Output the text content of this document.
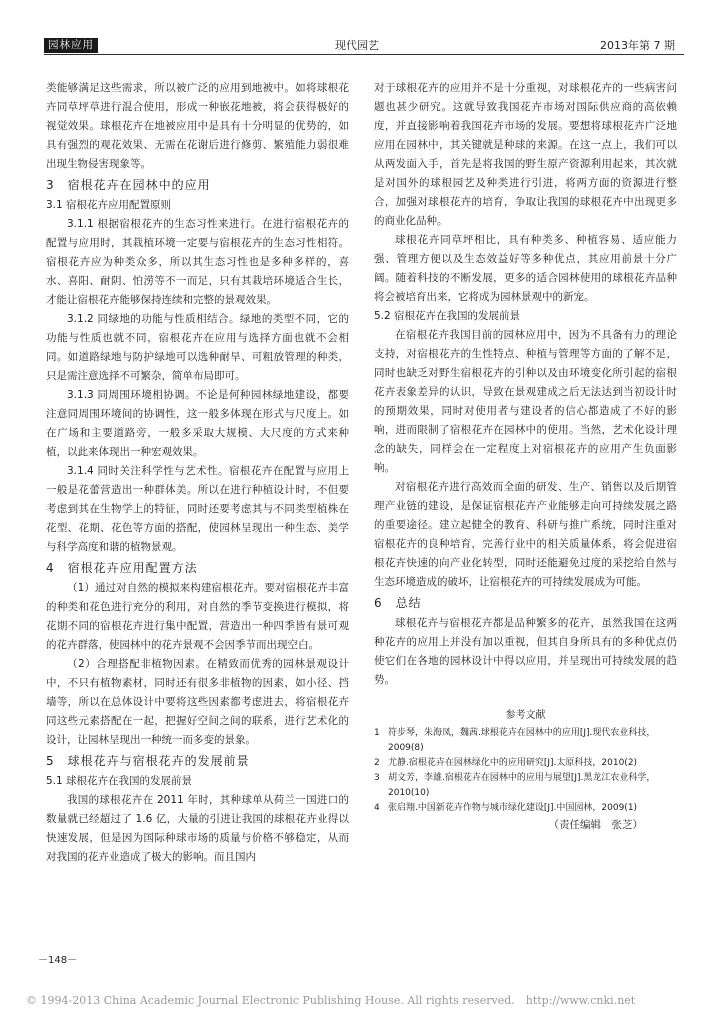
园林应用	现代园艺	2013年第 7 期

类能够满足这些需求，所以被广泛的应用到地被中。如将球根花卉同草坪草进行混合使用，形成一种嵌花地被，将会获得极好的视觉效果。球根花卉在地被应用中是具有十分明显的优势的，如具有强烈的观花效果、无需在花谢后进行修剪、繁殖能力弱很难出现生物侵害现象等。

3　宿根花卉在园林中的应用
3.1 宿根花卉应用配置原则

3.1.1 根据宿根花卉的生态习性来进行。在进行宿根花卉的配置与应用时，其栽植环境一定要与宿根花卉的生态习性相符。宿根花卉应为种类众多，所以其生态习性也是多种多样的，喜水、喜阳、耐阴、怕涝等不一而足，只有其栽培环境适合生长，才能让宿根花卉能够保持连续和完整的景观效果。

3.1.2 同绿地的功能与性质相结合。绿地的类型不同，它的功能与性质也就不同，宿根花卉在应用与选择方面也就不会相同。如道路绿地与防护绿地可以选种耐旱、可粗放管理的种类，只是需注意选择不可繁杂，简单布局即可。

3.1.3 同周围环境相协调。不论是何种园林绿地建设，都要注意同周围环境间的协调性，这一般多体现在形式与尺度上。如在广场和主要道路旁，一般多采取大规模、大尺度的方式来种植，以此来体现出一种宏观效果。

3.1.4 同时关注科学性与艺术性。宿根花卉在配置与应用上一般是花蕾营造出一种群体美。所以在进行种植设计时，不但要考虑到其在生物学上的特征，同时还要考虑其与不同类型植株在花型、花期、花色等方面的搭配，使园林呈现出一种生态、美学与科学高度和谐的植物景观。

4　宿根花卉应用配置方法

（1）通过对自然的模拟来构建宿根花卉。要对宿根花卉丰富的种类和花色进行充分的利用，对自然的季节变换进行模拟，将花期不同的宿根花卉进行集中配置，营造出一种四季皆有景可观的花卉群落，使园林中的花卉景观不会因季节而出现空白。

（2）合理搭配非植物因素。在精致而优秀的园林景观设计中，不只有植物素材，同时还有很多非植物的因素，如小径、挡墙等，所以在总体设计中要将这些因素都考虑进去，将宿根花卉同这些元素搭配在一起，把握好空间之间的联系，进行艺术化的设计，让园林呈现出一种统一而多变的景象。

5　球根花卉与宿根花卉的发展前景
5.1 球根花卉在我国的发展前景

我国的球根花卉在 2011 年时，其种球单从荷兰一国进口的数量就已经超过了 1.6 亿，大量的引进让我国的球根花卉业得以快速发展，但是因为国际种球市场的质量与价格不够稳定，从而对我国的花卉业造成了极大的影响。而且国内

对于球根花卉的应用并不是十分重视，对球根花卉的一些病害问题也甚少研究。这就导致我国花卉市场对国际供应商的高依赖度，并直接影响着我国花卉市场的发展。要想将球根花卉广泛地应用在园林中，其关键就是种球的来源。在这一点上，我们可以从两发面入手，首先是将我国的野生原产资源利用起来，其次就是对国外的球根园艺及种类进行引进，将两方面的资源进行整合，加强对球根花卉的培育，争取让我国的球根花卉中出现更多的商业化品种。

球根花卉同草坪相比，具有种类多、种植容易、适应能力强、管理方便以及生态效益好等多种优点，其应用前景十分广阔。随着科技的不断发展，更多的适合园林使用的球根花卉品种将会被培育出来，它将成为园林景观中的新宠。

5.2 宿根花卉在我国的发展前景

在宿根花卉我国目前的园林应用中，因为不具备有力的理论支持，对宿根花卉的生性特点、种植与管理等方面的了解不足，同时也缺乏对野生宿根花卉的引种以及由环境变化所引起的宿根花卉表象差异的认识，导致在景观建成之后无法达到当初设计时的预期效果，同时对使用者与建设者的信心都造成了不好的影响，进而限制了宿根花卉在园林中的使用。当然，艺术化设计理念的缺失，同样会在一定程度上对宿根花卉的应用产生负面影响。

对宿根花卉进行高效而全面的研发、生产、销售以及后期管理产业链的建设，是保证宿根花卉产业能够走向可持续发展之路的重要途径。建立起健全的教育、科研与推广系统，同时注重对宿根花卉的良种培育，完善行业中的相关质量体系，将会促进宿根花卉快速的向产业化转型，同时还能避免过度的采挖给自然与生态环境造成的破坏，让宿根花卉的可持续发展成为可能。

6　总结

球根花卉与宿根花卉都是品种繁多的花卉，虽然我国在这两种花卉的应用上并没有加以重视，但其自身所具有的多种优点仍使它们在各地的园林设计中得以应用，并呈现出可持续发展的趋势。

参考文献
1 符步琴，朱海凤，魏茜.球根花卉在园林中的应用[J].现代农业科技，2009(8)
2 尤静.宿根花卉在园林绿化中的应用研究[J].太原科技，2010(2)
3 胡文芳，李雄.宿根花卉在园林中的应用与展望[J].黑龙江农业科学，2010(10)
4 张启翔.中国新花卉作物与城市绿化建设[J].中国园林，2009(1)
（责任编辑　张芝）
－148－
© 1994-2013 China Academic Journal Electronic Publishing House. All rights reserved.　http://www.cnki.net
